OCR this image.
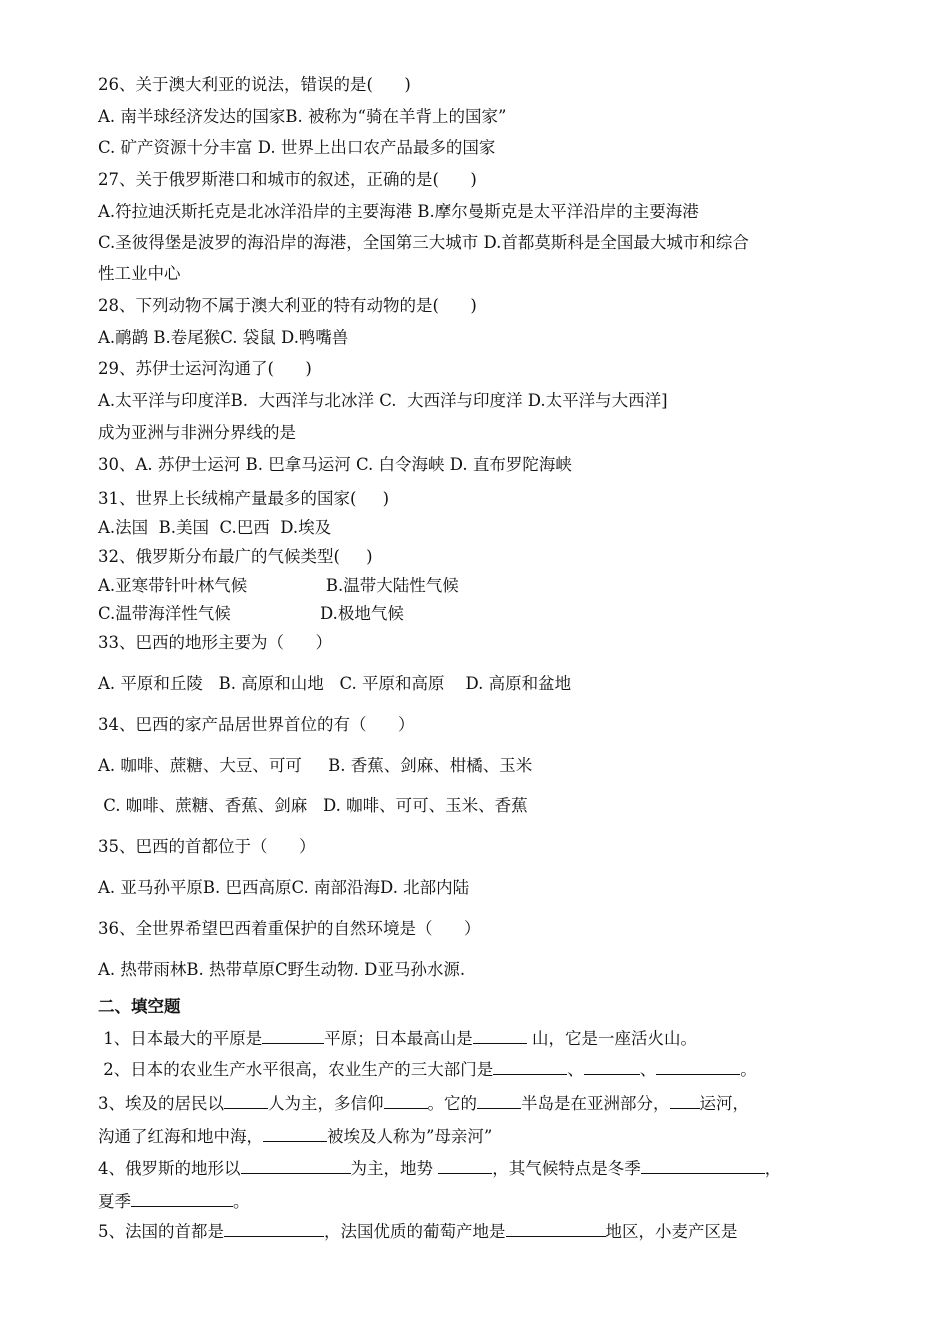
26、关于澳大利亚的说法，错误的是(      )
A. 南半球经济发达的国家B. 被称为“骑在羊背上的国家”
C. 矿产资源十分丰富 D. 世界上出口农产品最多的国家
27、关于俄罗斯港口和城市的叙述，正确的是(      )
A.符拉迪沃斯托克是北冰洋沿岸的主要海港 B.摩尔曼斯克是太平洋沿岸的主要海港
C.圣彼得堡是波罗的海沿岸的海港，全国第三大城市 D.首都莫斯科是全国最大城市和综合
性工业中心
28、下列动物不属于澳大利亚的特有动物的是(      )
A.鸸鹋 B.卷尾猴C. 袋鼠 D.鸭嘴兽
29、苏伊士运河沟通了(      )
A.太平洋与印度洋B.  大西洋与北冰洋 C.  大西洋与印度洋 D.太平洋与大西洋]
成为亚洲与非洲分界线的是
30、A. 苏伊士运河 B. 巴拿马运河 C. 白令海峡 D. 直布罗陀海峡
31、世界上长绒棉产量最多的国家(     )
A.法国  B.美国  C.巴西  D.埃及
32、俄罗斯分布最广的气候类型(     )
A.亚寒带针叶林气候               B.温带大陆性气候
C.温带海洋性气候                 D.极地气候
33、巴西的地形主要为（      ）
A. 平原和丘陵   B. 高原和山地   C. 平原和高原    D. 高原和盆地
34、巴西的家产品居世界首位的有（      ）
A. 咖啡、蔗糖、大豆、可可     B. 香蕉、剑麻、柑橘、玉米
C. 咖啡、蔗糖、香蕉、剑麻   D. 咖啡、可可、玉米、香蕉
35、巴西的首都位于（      ）
A. 亚马孙平原B. 巴西高原C. 南部沿海D. 北部内陆
36、全世界希望巴西着重保护的自然环境是（      ）
A. 热带雨林B. 热带草原C野生动物. D亚马孙水源.
二、填空题
1、日本最大的平原是	平原；日本最高山是	山，它是一座活火山。
2、日本的农业生产水平很高，农业生产的三大部门是	、	、	。
3、埃及的居民以	人为主，多信仰	。它的	半岛是在亚洲部分， 运河，
沟通了红海和地中海，	被埃及人称为”母亲河”
4、俄罗斯的地形以	为主，地势	，其气候特点是冬季	，
夏季	。
5、法国的首都是	，法国优质的葡萄产地是	地区，小麦产区是
